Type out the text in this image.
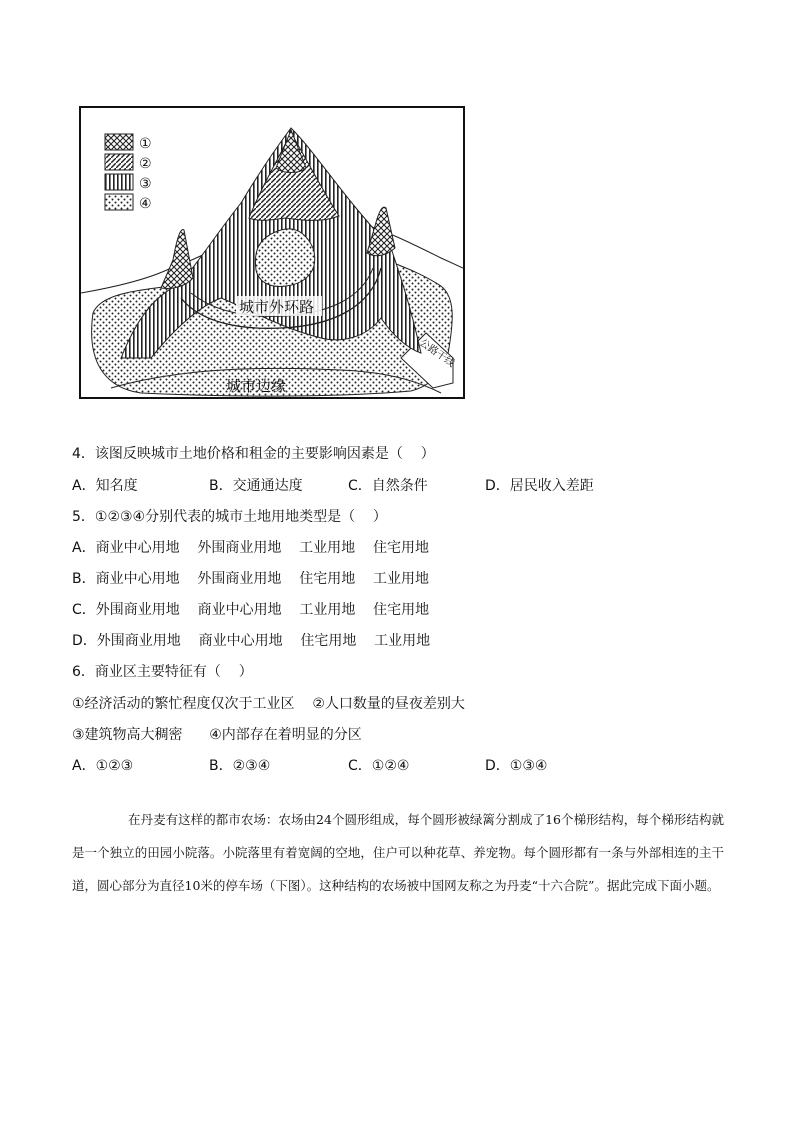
①
②
③
④
城市外环路
城市边缘
公路干线
4．该图反映城市土地价格和租金的主要影响因素是（    ）
A．知名度	B．交通通达度	C．自然条件	D．居民收入差距
5．①②③④分别代表的城市土地用地类型是（    ）
A．商业中心用地    外围商业用地    工业用地    住宅用地
B．商业中心用地    外围商业用地    住宅用地    工业用地
C．外围商业用地    商业中心用地    工业用地    住宅用地
D．外围商业用地    商业中心用地    住宅用地    工业用地
6．商业区主要特征有（    ）
①经济活动的繁忙程度仅次于工业区    ②人口数量的昼夜差别大
③建筑物高大稠密      ④内部存在着明显的分区
A．①②③	B．②③④	C．①②④	D．①③④
在丹麦有这样的都市农场：农场由24个圆形组成，每个圆形被绿篱分割成了16个梯形结构，每个梯形结构就是一个独立的田园小院落。小院落里有着宽阔的空地，住户可以种花草、养宠物。每个圆形都有一条与外部相连的主干道，圆心部分为直径10米的停车场（下图）。这种结构的农场被中国网友称之为丹麦“十六合院”。据此完成下面小题。
